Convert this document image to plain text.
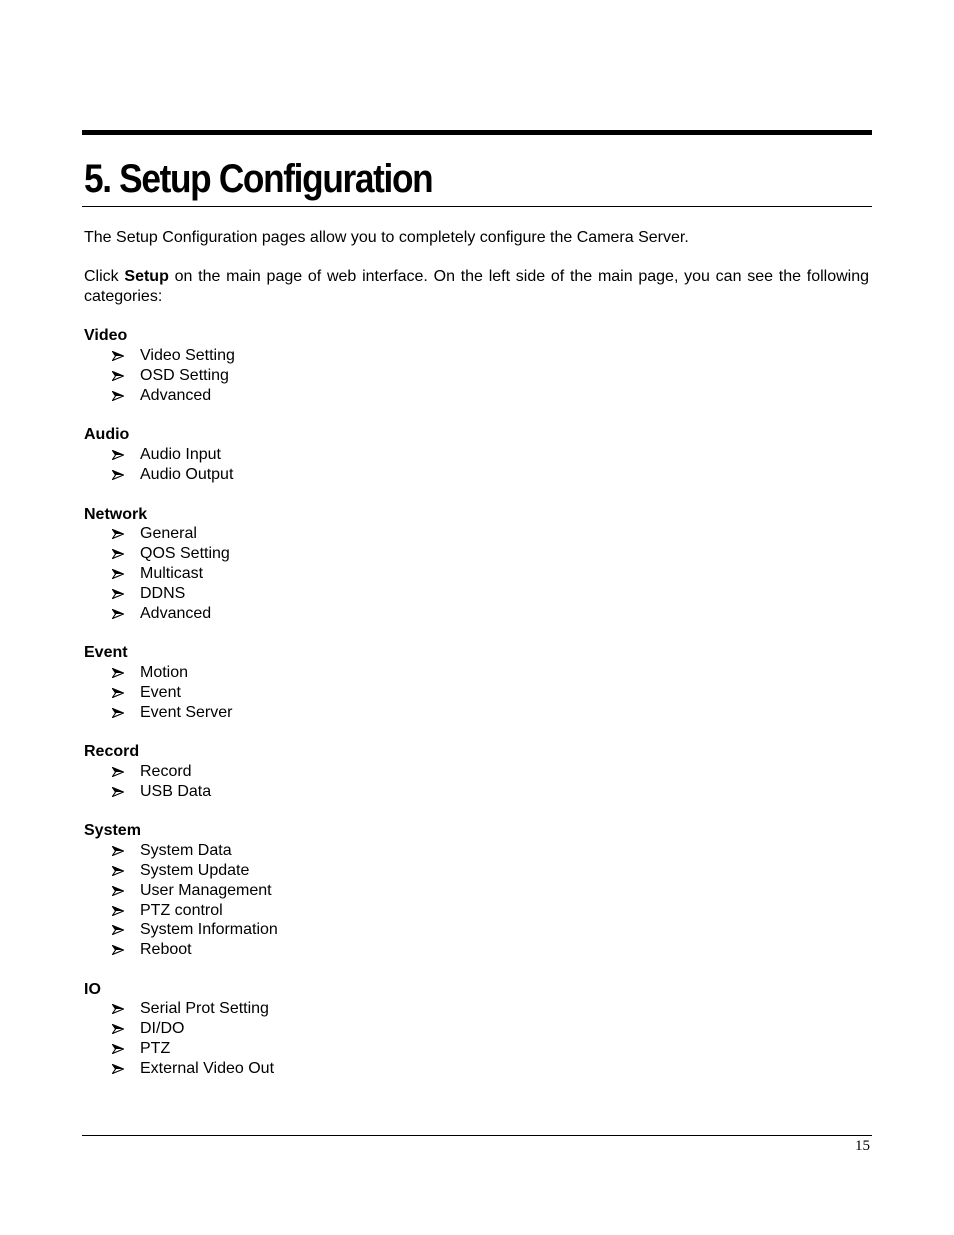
5. Setup Configuration

The Setup Configuration pages allow you to completely configure the Camera Server.

Click Setup on the main page of web interface. On the left side of the main page, you can see the following categories:

Video
Video Setting
OSD Setting
Advanced
Audio
Audio Input
Audio Output
Network
General
QOS Setting
Multicast
DDNS
Advanced
Event
Motion
Event
Event Server
Record
Record
USB Data
System
System Data
System Update
User Management
PTZ control
System Information
Reboot
IO
Serial Prot Setting
DI/DO
PTZ
External Video Out
15
